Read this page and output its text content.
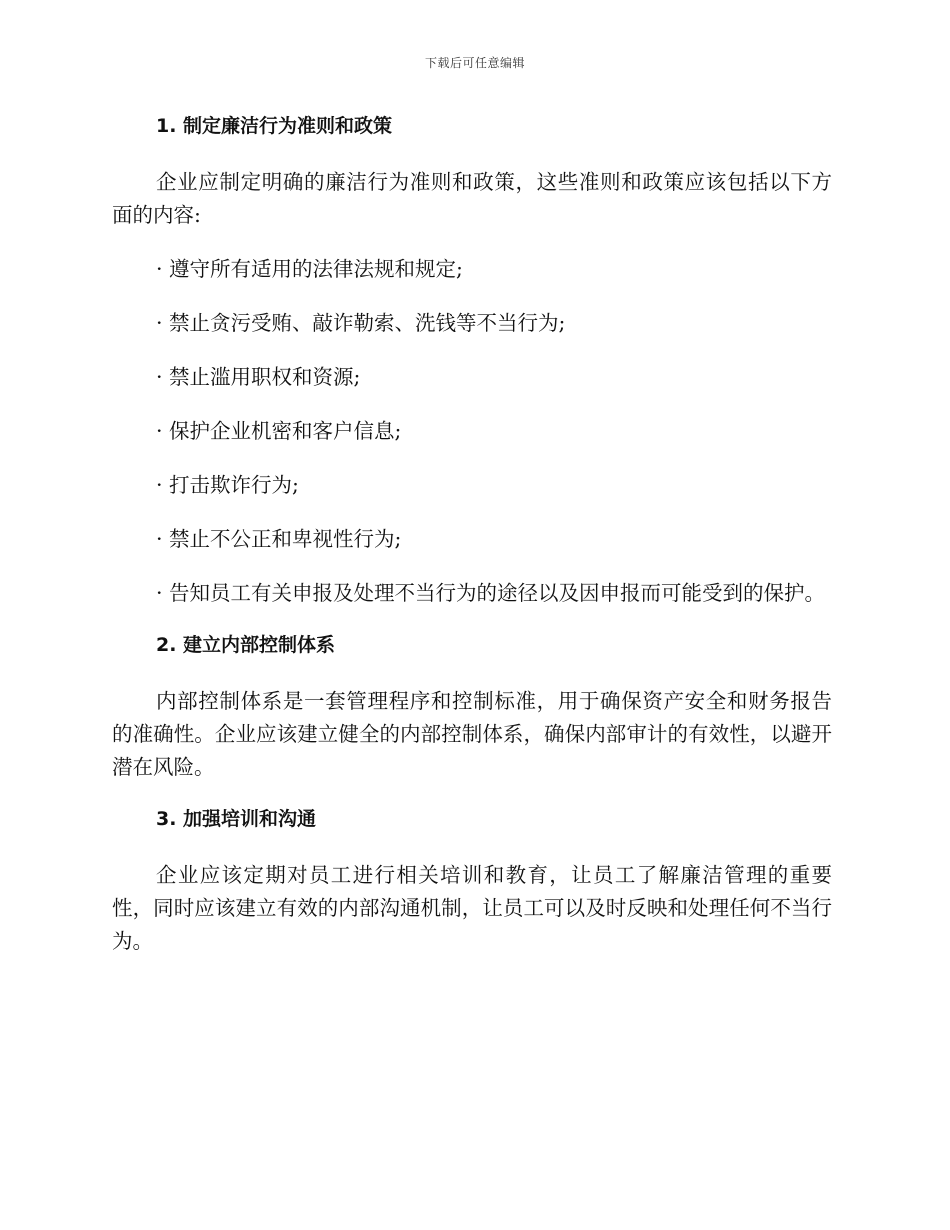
下载后可任意编辑
1. 制定廉洁行为准则和政策

企业应制定明确的廉洁行为准则和政策，这些准则和政策应该包括以下方面的内容:

· 遵守所有适用的法律法规和规定;

· 禁止贪污受贿、敲诈勒索、洗钱等不当行为;

· 禁止滥用职权和资源;

· 保护企业机密和客户信息;

· 打击欺诈行为;

· 禁止不公正和卑视性行为;

· 告知员工有关申报及处理不当行为的途径以及因申报而可能受到的保护。

2. 建立内部控制体系

内部控制体系是一套管理程序和控制标准，用于确保资产安全和财务报告的准确性。企业应该建立健全的内部控制体系，确保内部审计的有效性，以避开潜在风险。

3. 加强培训和沟通

企业应该定期对员工进行相关培训和教育，让员工了解廉洁管理的重要性，同时应该建立有效的内部沟通机制，让员工可以及时反映和处理任何不当行为。
